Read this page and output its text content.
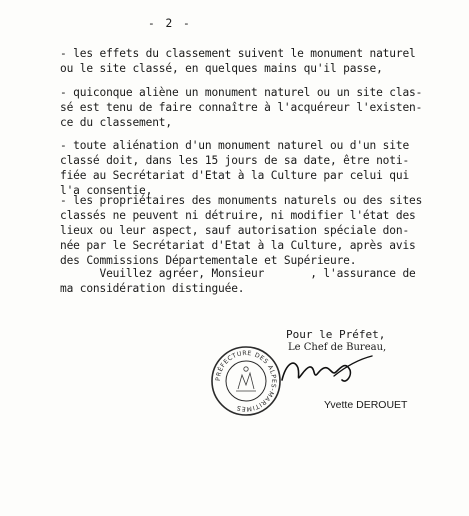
- 2 -

- les effets du classement suivent le monument naturel
ou le site classé, en quelques mains qu'il passe,

- quiconque aliène un monument naturel ou un site clas-
sé est tenu de faire connaître à l'acquéreur l'existen-
ce du classement,

- toute aliénation d'un monument naturel ou d'un site
classé doit, dans les 15 jours de sa date, être noti-
fiée au Secrétariat d'Etat à la Culture par celui qui
l'a consentie,

- les propriétaires des monuments naturels ou des sites
classés ne peuvent ni détruire, ni modifier l'état des
lieux ou leur aspect, sauf autorisation spéciale don-
née par le Secrétariat d'Etat à la Culture, après avis
des Commissions Départementale et Supérieure.

Veuillez agréer, Monsieur       , l'assurance de
ma considération distinguée.

Pour le Préfet,
Le Chef de Bureau,
Yvette DEROUET
PRÉFECTURE DES ALPES-MARITIMES
